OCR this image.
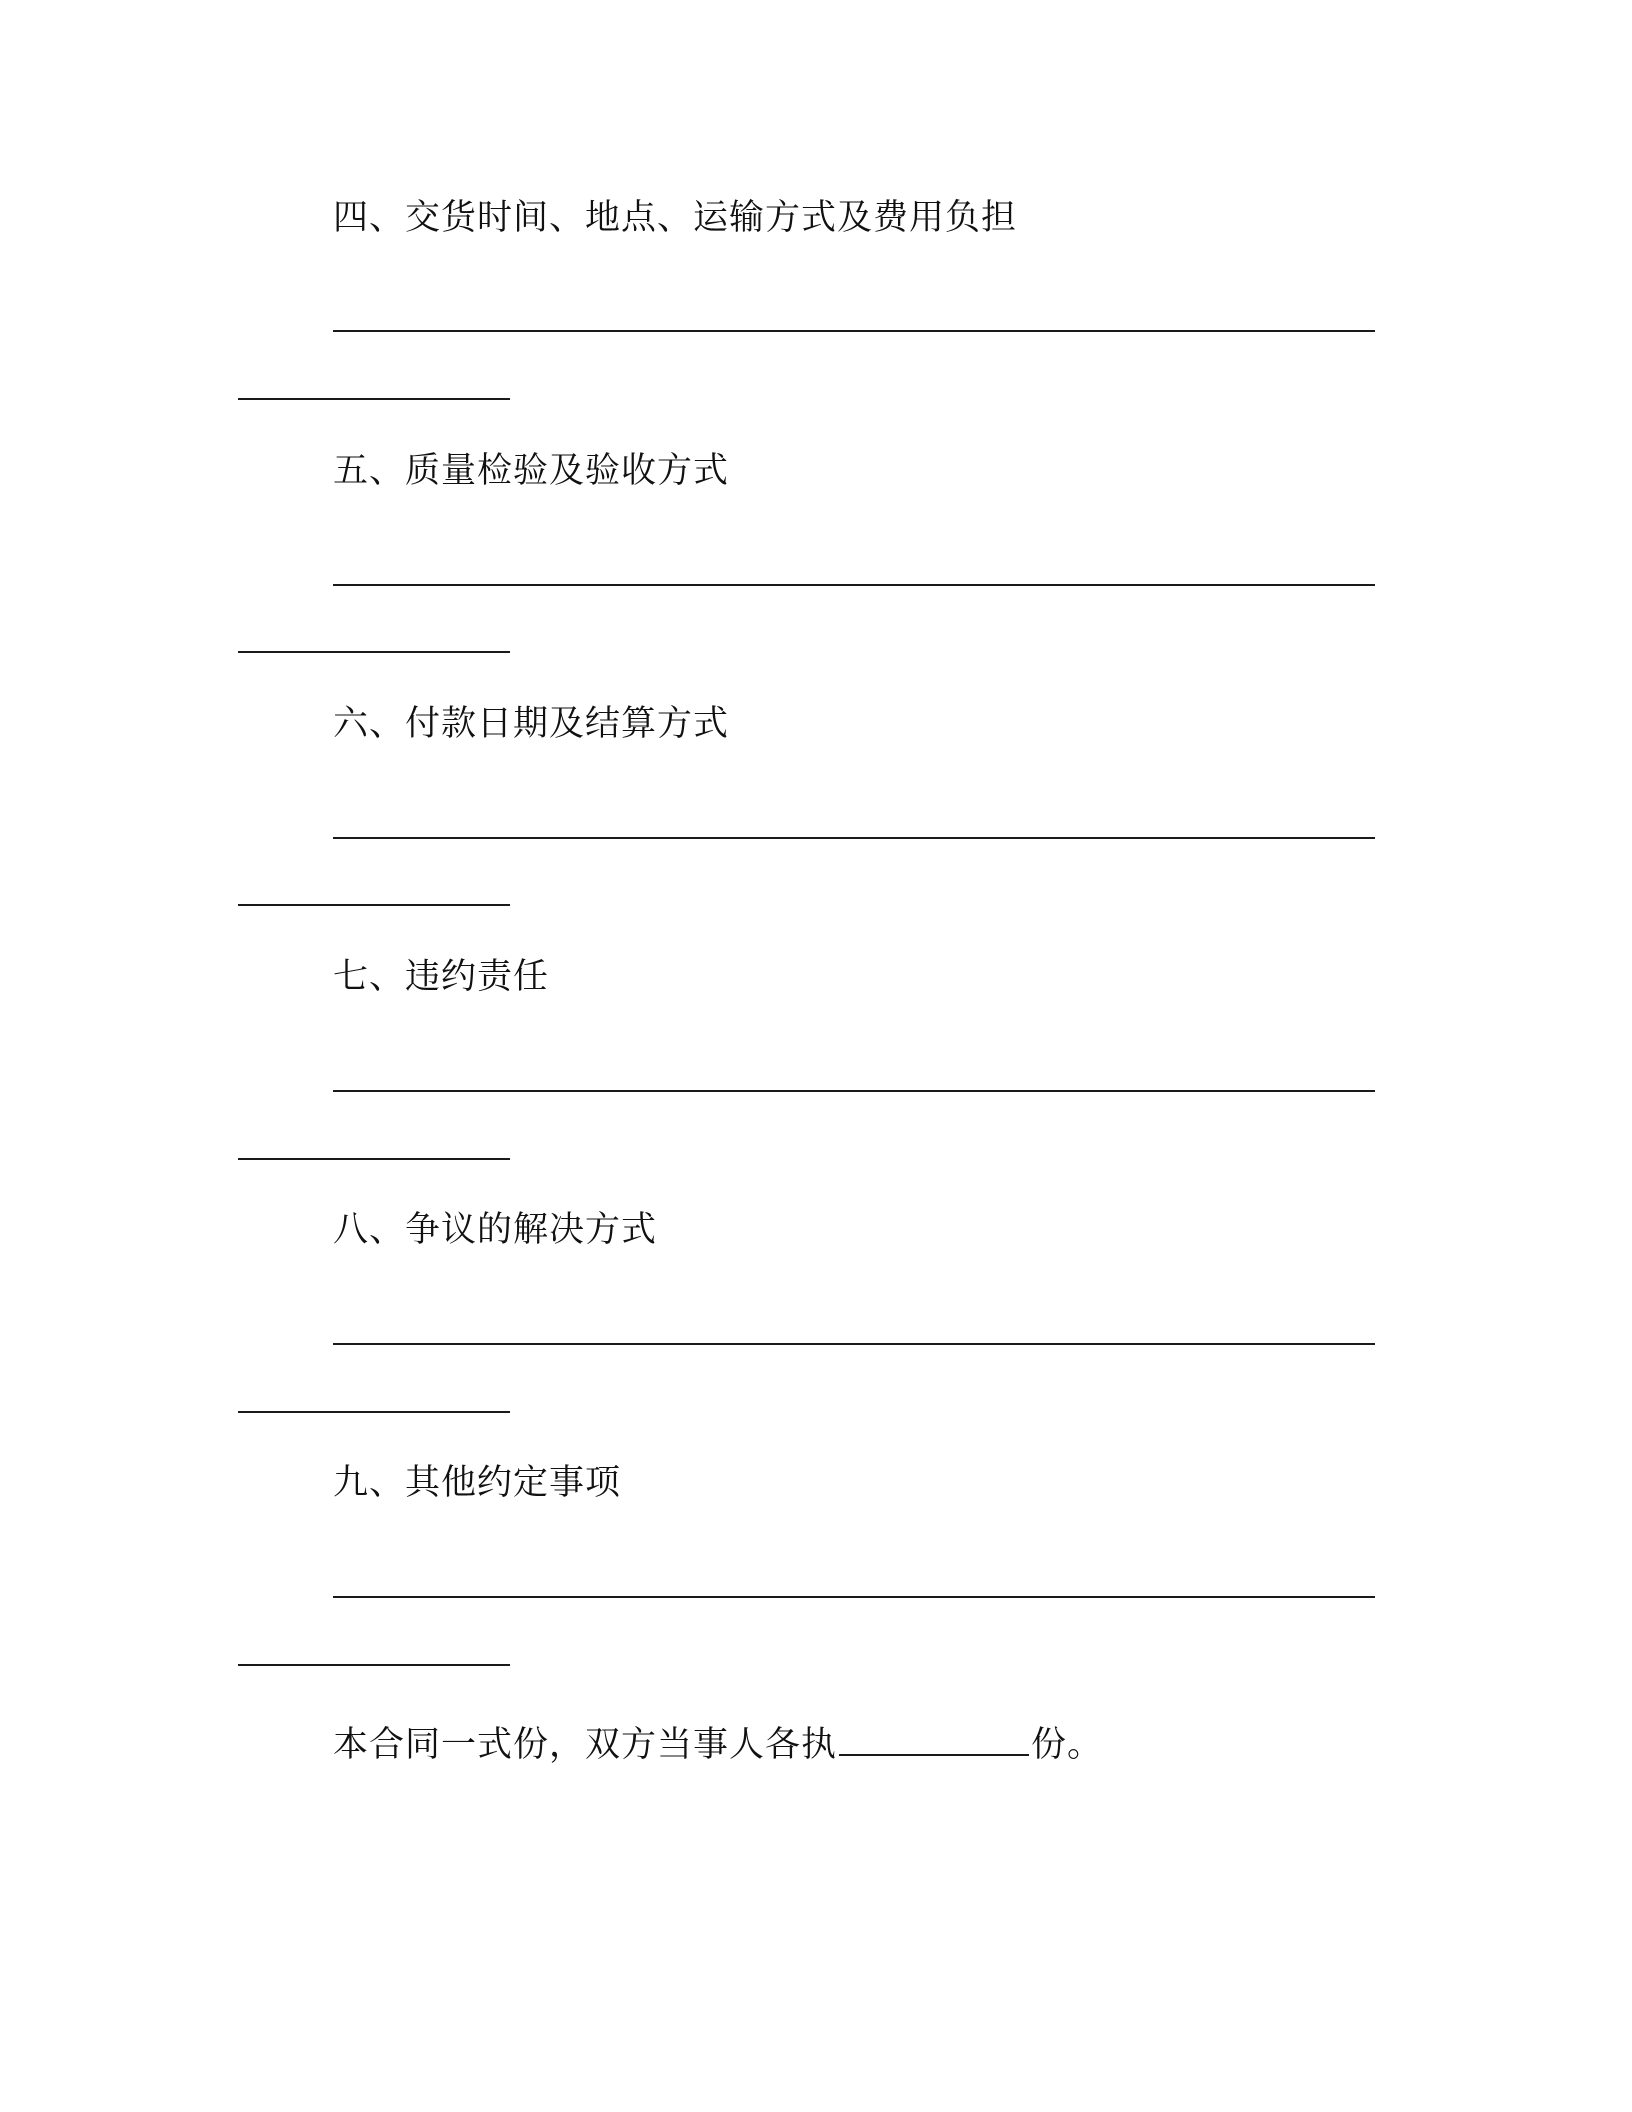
四、交货时间、地点、运输方式及费用负担
五、质量检验及验收方式
六、付款日期及结算方式
七、违约责任
八、争议的解决方式
九、其他约定事项
本合同一式份，双方当事人各执	份。
